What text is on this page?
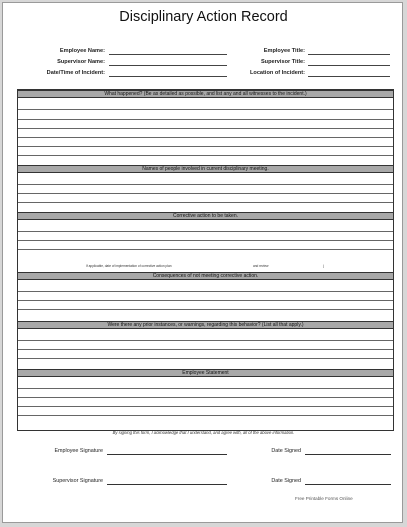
Disciplinary Action Record
Employee Name:
Supervisor Name:
Date/Time of Incident:
Employee Title:
Supervisor Title:
Location of Incident:
What happened? (Be as detailed as possible, and list any and all witnesses to the incident.)
Names of people involved in current disciplinary meeting.
Corrective action to be taken.
If applicable, date of implementation of corrective action plan	and review	(
Consequences of not meeting corrective action.
Were there any prior instances, or warnings, regarding this behavior? (List all that apply.)
Employee Statement
By signing this form, I acknowledge that I understand, and agree with, all of the above information.
Employee Signature	Date Signed
Supervisor Signature	Date Signed
Free Printable Forms Online
